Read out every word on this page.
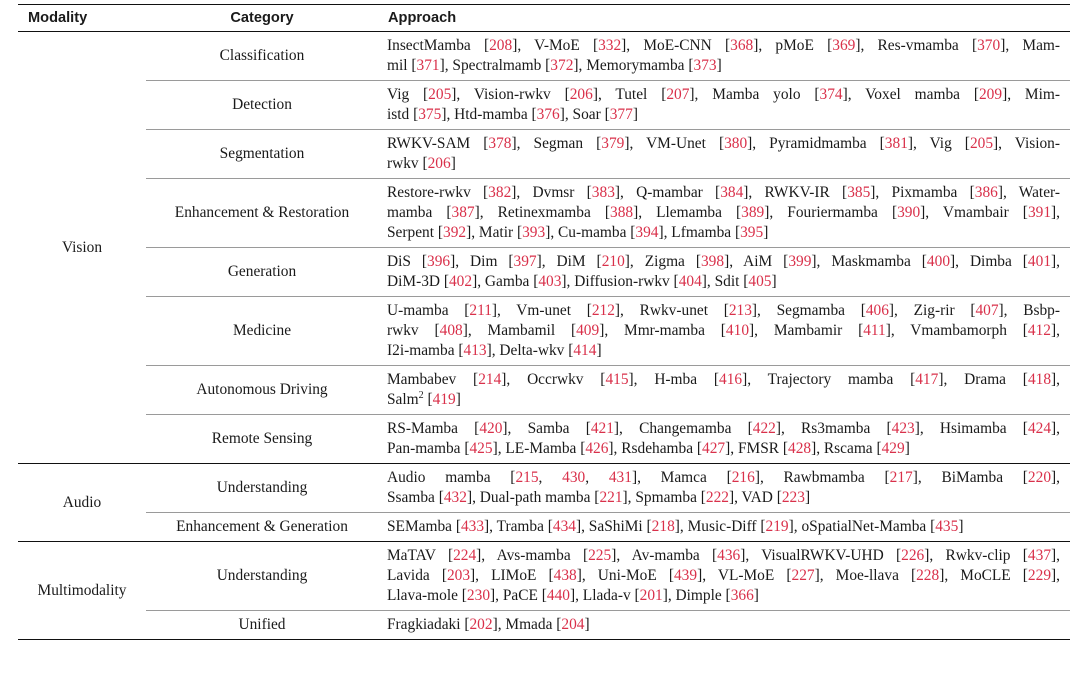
Modality	Category	Approach
Vision	Classification	InsectMamba [208], V-MoE [332], MoE-CNN [368], pMoE [369], Res-vmamba [370], Mam-
mil [371], Spectralmamb [372], Memorymamba [373]

	Detection	Vig [205], Vision-rwkv [206], Tutel [207], Mamba yolo [374], Voxel mamba [209], Mim-
istd [375], Htd-mamba [376], Soar [377]

	Segmentation	RWKV-SAM [378], Segman [379], VM-Unet [380], Pyramidmamba [381], Vig [205], Vision-
rwkv [206]

	Enhancement & Restoration	Restore-rwkv [382], Dvmsr [383], Q-mambar [384], RWKV-IR [385], Pixmamba [386], Water-
mamba [387], Retinexmamba [388], Llemamba [389], Fouriermamba [390], Vmambair [391],
Serpent [392], Matir [393], Cu-mamba [394], Lfmamba [395]

	Generation	DiS [396], Dim [397], DiM [210], Zigma [398], AiM [399], Maskmamba [400], Dimba [401],
DiM-3D [402], Gamba [403], Diffusion-rwkv [404], Sdit [405]

	Medicine	U-mamba [211], Vm-unet [212], Rwkv-unet [213], Segmamba [406], Zig-rir [407], Bsbp-
rwkv [408], Mambamil [409], Mmr-mamba [410], Mambamir [411], Vmambamorph [412],
I2i-mamba [413], Delta-wkv [414]

	Autonomous Driving	Mambabev [214], Occrwkv [415], H-mba [416], Trajectory mamba [417], Drama [418],
Salm$^2$ [419]

	Remote Sensing	RS-Mamba [420], Samba [421], Changemamba [422], Rs3mamba [423], Hsimamba [424],
Pan-mamba [425], LE-Mamba [426], Rsdehamba [427], FMSR [428], Rscama [429]

Audio	Understanding	Audio mamba [215, 430, 431], Mamca [216], Rawbmamba [217], BiMamba [220],
Ssamba [432], Dual-path mamba [221], Spmamba [222], VAD [223]

	Enhancement & Generation	SEMamba [433], Tramba [434], SaShiMi [218], Music-Diff [219], oSpatialNet-Mamba [435]

Multimodality	Understanding	MaTAV [224], Avs-mamba [225], Av-mamba [436], VisualRWKV-UHD [226], Rwkv-clip [437],
Lavida [203], LIMoE [438], Uni-MoE [439], VL-MoE [227], Moe-llava [228], MoCLE [229],
Llava-mole [230], PaCE [440], Llada-v [201], Dimple [366]

	Unified	Fragkiadaki [202], Mmada [204]
